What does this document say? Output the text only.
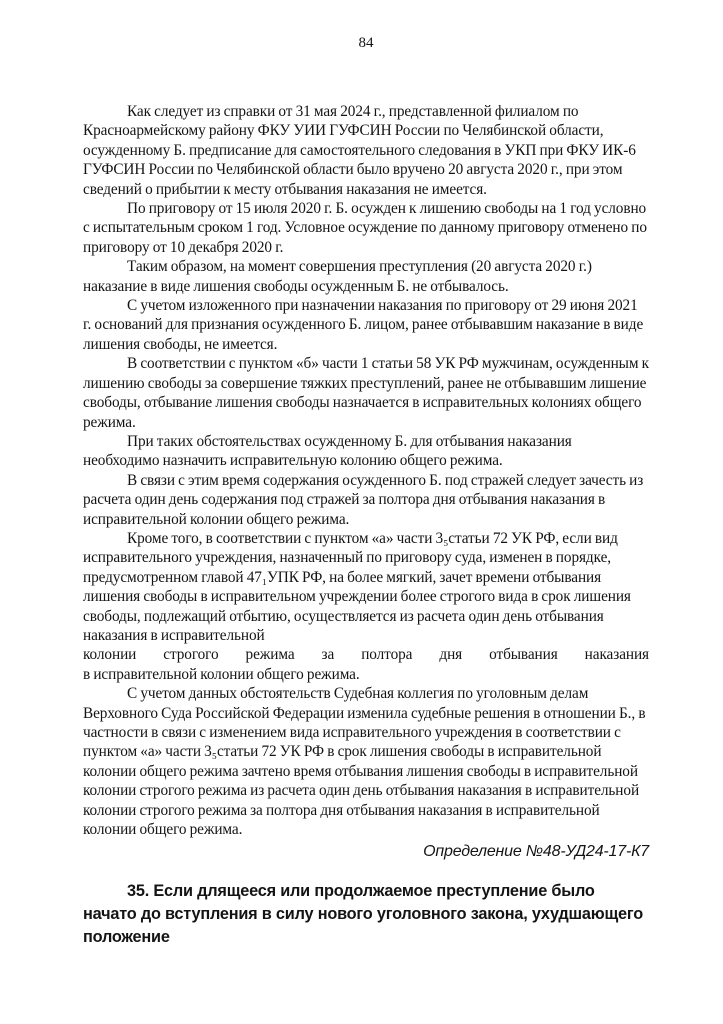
84

Как следует из справки от 31 мая 2024 г., представленной филиалом по Красноармейскому району ФКУ УИИ ГУФСИН России по Челябинской области, осужденному Б. предписание для самостоятельного следования в УКП при ФКУ ИК-6 ГУФСИН России по Челябинской области было вручено 20 августа 2020 г., при этом сведений о прибытии к месту отбывания наказания не имеется.

По приговору от 15 июля 2020 г. Б. осужден к лишению свободы на 1 год условно с испытательным сроком 1 год. Условное осуждение по данному приговору отменено по приговору от 10 декабря 2020 г.

Таким образом, на момент совершения преступления (20 августа 2020 г.) наказание в виде лишения свободы осужденным Б. не отбывалось.

С учетом изложенного при назначении наказания по приговору от 29 июня 2021 г. оснований для признания осужденного Б. лицом, ранее отбывавшим наказание в виде лишения свободы, не имеется.

В соответствии с пунктом «б» части 1 статьи 58 УК РФ мужчинам, осужденным к лишению свободы за совершение тяжких преступлений, ранее не отбывавшим лишение свободы, отбывание лишения свободы назначается в исправительных колониях общего режима.

При таких обстоятельствах осужденному Б. для отбывания наказания необходимо назначить исправительную колонию общего режима.

В связи с этим время содержания осужденного Б. под стражей следует зачесть из расчета один день содержания под стражей за полтора дня отбывания наказания в исправительной колонии общего режима.

Кроме того, в соответствии с пунктом «а» части 3₅статьи 72 УК РФ, если вид исправительного учреждения, назначенный по приговору суда, изменен в порядке, предусмотренном главой 47₁УПК РФ, на более мягкий, зачет времени отбывания лишения свободы в исправительном учреждении более строгого вида в срок лишения свободы, подлежащий отбытию, осуществляется из расчета один день отбывания наказания в исправительной

колонии строгого режима за полтора дня отбывания наказания

в исправительной колонии общего режима.

С учетом данных обстоятельств Судебная коллегия по уголовным делам Верховного Суда Российской Федерации изменила судебные решения в отношении Б., в частности в связи с изменением вида исправительного учреждения в соответствии с пунктом «а» части 3₅статьи 72 УК РФ в срок лишения свободы в исправительной колонии общего режима зачтено время отбывания лишения свободы в исправительной колонии строгого режима из расчета один день отбывания наказания в исправительной колонии строгого режима за полтора дня отбывания наказания в исправительной колонии общего режима.

Определение №48-УД24-17-К7

35. Если длящееся или продолжаемое преступление было начато до вступления в силу нового уголовного закона, ухудшающего положение
